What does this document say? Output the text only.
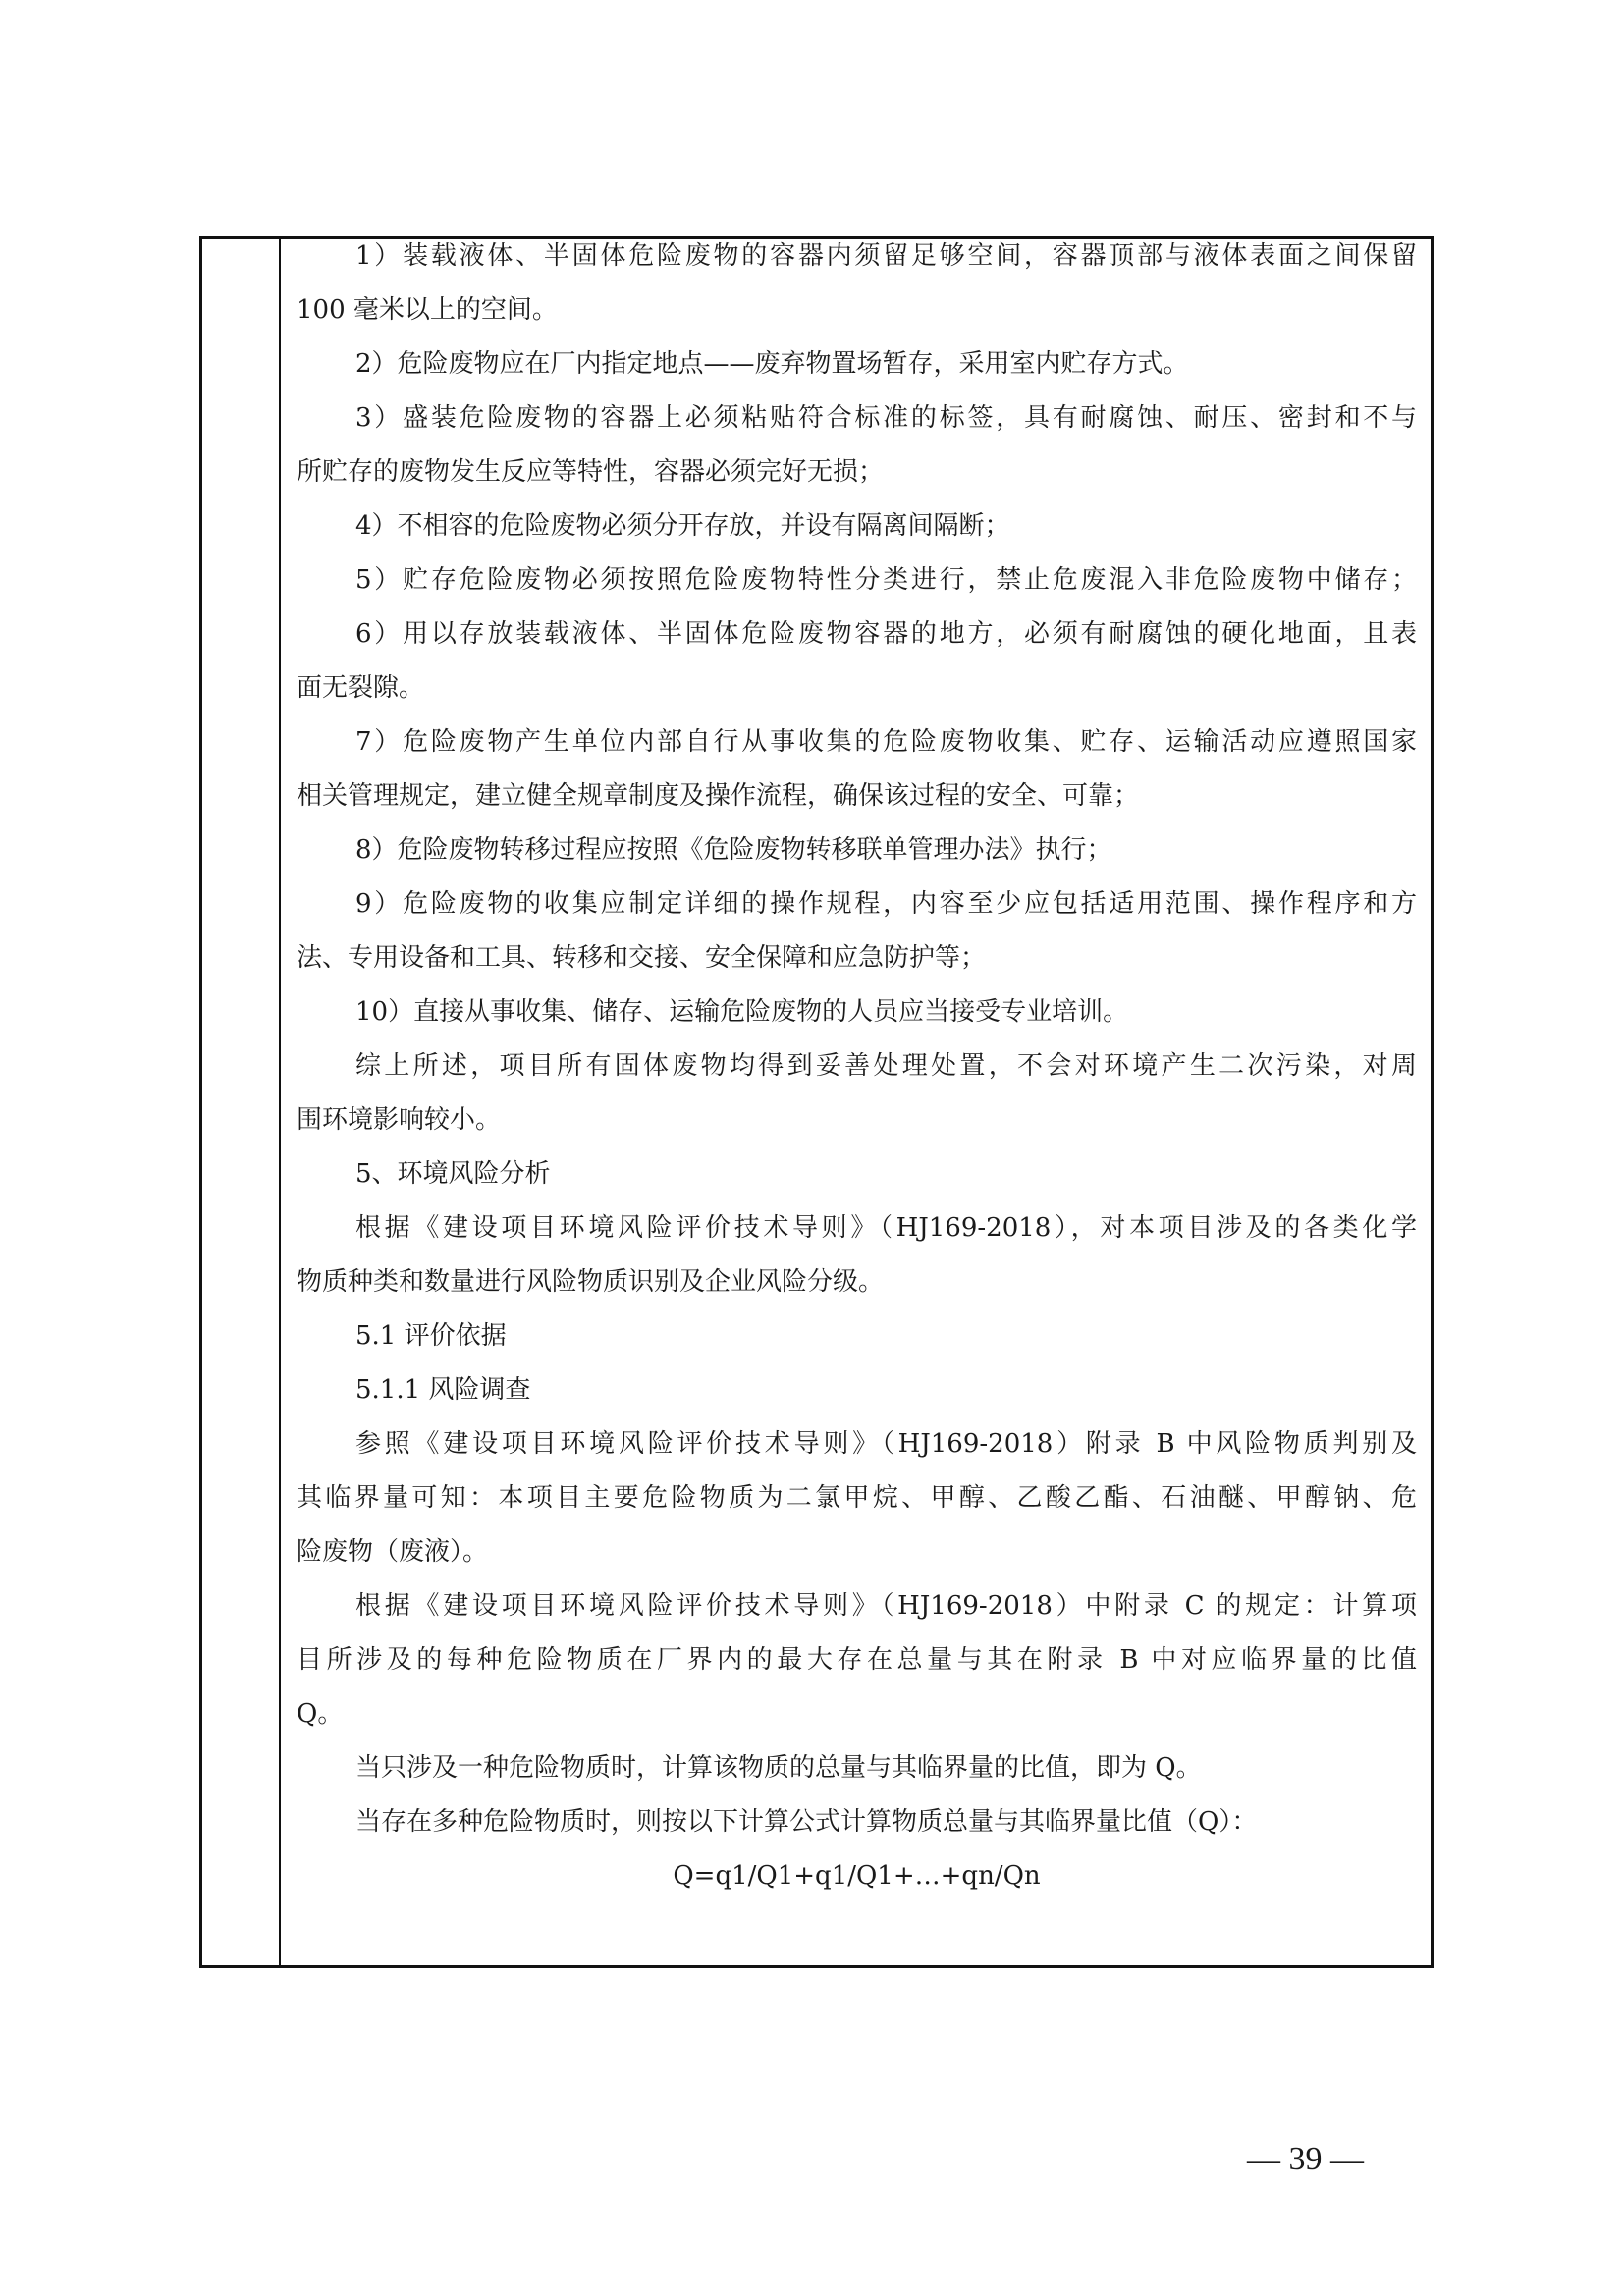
1）装载液体、半固体危险废物的容器内须留足够空间，容器顶部与液体表面之间保留
100 毫米以上的空间。
2）危险废物应在厂内指定地点——废弃物置场暂存，采用室内贮存方式。
3）盛装危险废物的容器上必须粘贴符合标准的标签，具有耐腐蚀、耐压、密封和不与
所贮存的废物发生反应等特性，容器必须完好无损；
4）不相容的危险废物必须分开存放，并设有隔离间隔断；
5）贮存危险废物必须按照危险废物特性分类进行，禁止危废混入非危险废物中储存；
6）用以存放装载液体、半固体危险废物容器的地方，必须有耐腐蚀的硬化地面，且表
面无裂隙。
7）危险废物产生单位内部自行从事收集的危险废物收集、贮存、运输活动应遵照国家
相关管理规定，建立健全规章制度及操作流程，确保该过程的安全、可靠；
8）危险废物转移过程应按照《危险废物转移联单管理办法》执行；
9）危险废物的收集应制定详细的操作规程，内容至少应包括适用范围、操作程序和方
法、专用设备和工具、转移和交接、安全保障和应急防护等；
10）直接从事收集、储存、运输危险废物的人员应当接受专业培训。
综上所述，项目所有固体废物均得到妥善处理处置，不会对环境产生二次污染，对周
围环境影响较小。
5、环境风险分析
根据《建设项目环境风险评价技术导则》（HJ169-2018），对本项目涉及的各类化学
物质种类和数量进行风险物质识别及企业风险分级。
5.1 评价依据
5.1.1 风险调查
参照《建设项目环境风险评价技术导则》（HJ169-2018）附录 B 中风险物质判别及
其临界量可知：本项目主要危险物质为二氯甲烷、甲醇、乙酸乙酯、石油醚、甲醇钠、危
险废物（废液）。
根据《建设项目环境风险评价技术导则》（HJ169-2018）中附录 C 的规定：计算项
目所涉及的每种危险物质在厂界内的最大存在总量与其在附录 B 中对应临界量的比值
Q。
当只涉及一种危险物质时，计算该物质的总量与其临界量的比值，即为 Q。
当存在多种危险物质时，则按以下计算公式计算物质总量与其临界量比值（Q）：
Q=q1/Q1+q1/Q1+…+qn/Qn
— 39 —
